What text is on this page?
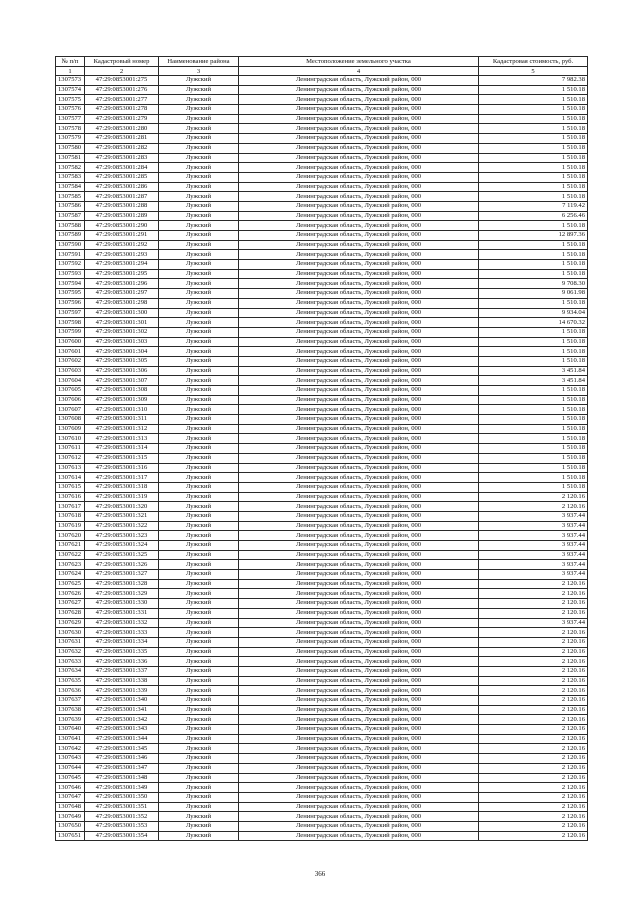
№ п/п	Кадастровый номер	Наименование района	Местоположение земельного участка	Кадастровая стоимость, руб.
1	2	3	4	5
1307573	47:29:0853001:275	Лужский	Ленинградская область, Лужский район, 000	7 982.38
1307574	47:29:0853001:276	Лужский	Ленинградская область, Лужский район, 000	1 510.18
1307575	47:29:0853001:277	Лужский	Ленинградская область, Лужский район, 000	1 510.18
1307576	47:29:0853001:278	Лужский	Ленинградская область, Лужский район, 000	1 510.18
1307577	47:29:0853001:279	Лужский	Ленинградская область, Лужский район, 000	1 510.18
1307578	47:29:0853001:280	Лужский	Ленинградская область, Лужский район, 000	1 510.18
1307579	47:29:0853001:281	Лужский	Ленинградская область, Лужский район, 000	1 510.18
1307580	47:29:0853001:282	Лужский	Ленинградская область, Лужский район, 000	1 510.18
1307581	47:29:0853001:283	Лужский	Ленинградская область, Лужский район, 000	1 510.18
1307582	47:29:0853001:284	Лужский	Ленинградская область, Лужский район, 000	1 510.18
1307583	47:29:0853001:285	Лужский	Ленинградская область, Лужский район, 000	1 510.18
1307584	47:29:0853001:286	Лужский	Ленинградская область, Лужский район, 000	1 510.18
1307585	47:29:0853001:287	Лужский	Ленинградская область, Лужский район, 000	1 510.18
1307586	47:29:0853001:288	Лужский	Ленинградская область, Лужский район, 000	7 119.42
1307587	47:29:0853001:289	Лужский	Ленинградская область, Лужский район, 000	6 256.46
1307588	47:29:0853001:290	Лужский	Ленинградская область, Лужский район, 000	1 510.18
1307589	47:29:0853001:291	Лужский	Ленинградская область, Лужский район, 000	12 897.36
1307590	47:29:0853001:292	Лужский	Ленинградская область, Лужский район, 000	1 510.18
1307591	47:29:0853001:293	Лужский	Ленинградская область, Лужский район, 000	1 510.18
1307592	47:29:0853001:294	Лужский	Ленинградская область, Лужский район, 000	1 510.18
1307593	47:29:0853001:295	Лужский	Ленинградская область, Лужский район, 000	1 510.18
1307594	47:29:0853001:296	Лужский	Ленинградская область, Лужский район, 000	9 708.30
1307595	47:29:0853001:297	Лужский	Ленинградская область, Лужский район, 000	9 061.98
1307596	47:29:0853001:298	Лужский	Ленинградская область, Лужский район, 000	1 510.18
1307597	47:29:0853001:300	Лужский	Ленинградская область, Лужский район, 000	9 934.04
1307598	47:29:0853001:301	Лужский	Ленинградская область, Лужский район, 000	14 670.32
1307599	47:29:0853001:302	Лужский	Ленинградская область, Лужский район, 000	1 510.18
1307600	47:29:0853001:303	Лужский	Ленинградская область, Лужский район, 000	1 510.18
1307601	47:29:0853001:304	Лужский	Ленинградская область, Лужский район, 000	1 510.18
1307602	47:29:0853001:305	Лужский	Ленинградская область, Лужский район, 000	1 510.18
1307603	47:29:0853001:306	Лужский	Ленинградская область, Лужский район, 000	3 451.84
1307604	47:29:0853001:307	Лужский	Ленинградская область, Лужский район, 000	3 451.84
1307605	47:29:0853001:308	Лужский	Ленинградская область, Лужский район, 000	1 510.18
1307606	47:29:0853001:309	Лужский	Ленинградская область, Лужский район, 000	1 510.18
1307607	47:29:0853001:310	Лужский	Ленинградская область, Лужский район, 000	1 510.18
1307608	47:29:0853001:311	Лужский	Ленинградская область, Лужский район, 000	1 510.18
1307609	47:29:0853001:312	Лужский	Ленинградская область, Лужский район, 000	1 510.18
1307610	47:29:0853001:313	Лужский	Ленинградская область, Лужский район, 000	1 510.18
1307611	47:29:0853001:314	Лужский	Ленинградская область, Лужский район, 000	1 510.18
1307612	47:29:0853001:315	Лужский	Ленинградская область, Лужский район, 000	1 510.18
1307613	47:29:0853001:316	Лужский	Ленинградская область, Лужский район, 000	1 510.18
1307614	47:29:0853001:317	Лужский	Ленинградская область, Лужский район, 000	1 510.18
1307615	47:29:0853001:318	Лужский	Ленинградская область, Лужский район, 000	1 510.18
1307616	47:29:0853001:319	Лужский	Ленинградская область, Лужский район, 000	2 120.16
1307617	47:29:0853001:320	Лужский	Ленинградская область, Лужский район, 000	2 120.16
1307618	47:29:0853001:321	Лужский	Ленинградская область, Лужский район, 000	3 937.44
1307619	47:29:0853001:322	Лужский	Ленинградская область, Лужский район, 000	3 937.44
1307620	47:29:0853001:323	Лужский	Ленинградская область, Лужский район, 000	3 937.44
1307621	47:29:0853001:324	Лужский	Ленинградская область, Лужский район, 000	3 937.44
1307622	47:29:0853001:325	Лужский	Ленинградская область, Лужский район, 000	3 937.44
1307623	47:29:0853001:326	Лужский	Ленинградская область, Лужский район, 000	3 937.44
1307624	47:29:0853001:327	Лужский	Ленинградская область, Лужский район, 000	3 937.44
1307625	47:29:0853001:328	Лужский	Ленинградская область, Лужский район, 000	2 120.16
1307626	47:29:0853001:329	Лужский	Ленинградская область, Лужский район, 000	2 120.16
1307627	47:29:0853001:330	Лужский	Ленинградская область, Лужский район, 000	2 120.16
1307628	47:29:0853001:331	Лужский	Ленинградская область, Лужский район, 000	2 120.16
1307629	47:29:0853001:332	Лужский	Ленинградская область, Лужский район, 000	3 937.44
1307630	47:29:0853001:333	Лужский	Ленинградская область, Лужский район, 000	2 120.16
1307631	47:29:0853001:334	Лужский	Ленинградская область, Лужский район, 000	2 120.16
1307632	47:29:0853001:335	Лужский	Ленинградская область, Лужский район, 000	2 120.16
1307633	47:29:0853001:336	Лужский	Ленинградская область, Лужский район, 000	2 120.16
1307634	47:29:0853001:337	Лужский	Ленинградская область, Лужский район, 000	2 120.16
1307635	47:29:0853001:338	Лужский	Ленинградская область, Лужский район, 000	2 120.16
1307636	47:29:0853001:339	Лужский	Ленинградская область, Лужский район, 000	2 120.16
1307637	47:29:0853001:340	Лужский	Ленинградская область, Лужский район, 000	2 120.16
1307638	47:29:0853001:341	Лужский	Ленинградская область, Лужский район, 000	2 120.16
1307639	47:29:0853001:342	Лужский	Ленинградская область, Лужский район, 000	2 120.16
1307640	47:29:0853001:343	Лужский	Ленинградская область, Лужский район, 000	2 120.16
1307641	47:29:0853001:344	Лужский	Ленинградская область, Лужский район, 000	2 120.16
1307642	47:29:0853001:345	Лужский	Ленинградская область, Лужский район, 000	2 120.16
1307643	47:29:0853001:346	Лужский	Ленинградская область, Лужский район, 000	2 120.16
1307644	47:29:0853001:347	Лужский	Ленинградская область, Лужский район, 000	2 120.16
1307645	47:29:0853001:348	Лужский	Ленинградская область, Лужский район, 000	2 120.16
1307646	47:29:0853001:349	Лужский	Ленинградская область, Лужский район, 000	2 120.16
1307647	47:29:0853001:350	Лужский	Ленинградская область, Лужский район, 000	2 120.16
1307648	47:29:0853001:351	Лужский	Ленинградская область, Лужский район, 000	2 120.16
1307649	47:29:0853001:352	Лужский	Ленинградская область, Лужский район, 000	2 120.16
1307650	47:29:0853001:353	Лужский	Ленинградская область, Лужский район, 000	2 120.16
1307651	47:29:0853001:354	Лужский	Ленинградская область, Лужский район, 000	2 120.16
366
